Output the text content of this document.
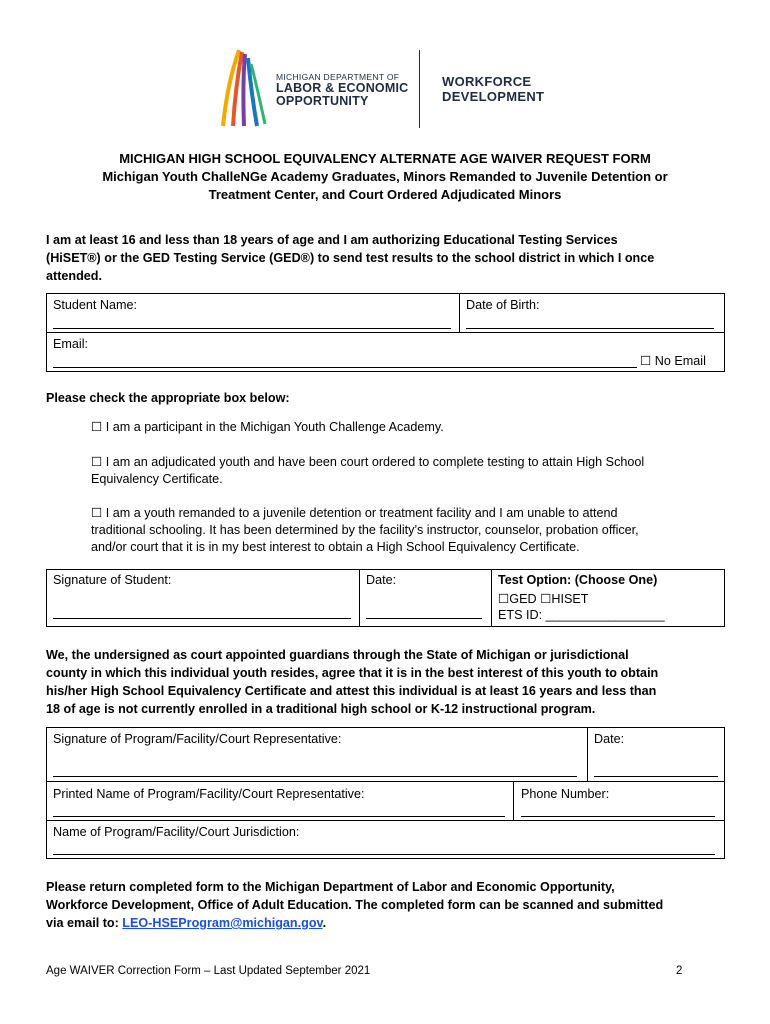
MICHIGAN DEPARTMENT OF
LABOR & ECONOMIC
OPPORTUNITY
WORKFORCE
DEVELOPMENT
MICHIGAN HIGH SCHOOL EQUIVALENCY ALTERNATE AGE WAIVER REQUEST FORM
Michigan Youth ChalleNGe Academy Graduates, Minors Remanded to Juvenile Detention or
Treatment Center, and Court Ordered Adjudicated Minors
I am at least 16 and less than 18 years of age and I am authorizing Educational Testing Services
(HiSET®) or the GED Testing Service (GED®) to send test results to the school district in which I once
attended.
Student Name:	Date of Birth:
Email:
☐ No Email
Please check the appropriate box below:
☐ I am a participant in the Michigan Youth Challenge Academy.
☐ I am an adjudicated youth and have been court ordered to complete testing to attain High School
Equivalency Certificate.
☐ I am a youth remanded to a juvenile detention or treatment facility and I am unable to attend
traditional schooling. It has been determined by the facility’s instructor, counselor, probation officer,
and/or court that it is in my best interest to obtain a High School Equivalency Certificate.
Signature of Student:	Date:	Test Option: (Choose One)
☐GED ☐HISET
ETS ID: _________________
We, the undersigned as court appointed guardians through the State of Michigan or jurisdictional
county in which this individual youth resides, agree that it is in the best interest of this youth to obtain
his/her High School Equivalency Certificate and attest this individual is at least 16 years and less than
18 of age is not currently enrolled in a traditional high school or K-12 instructional program.
Signature of Program/Facility/Court Representative:	Date:
Printed Name of Program/Facility/Court Representative:	Phone Number:
Name of Program/Facility/Court Jurisdiction:
Please return completed form to the Michigan Department of Labor and Economic Opportunity,
Workforce Development, Office of Adult Education. The completed form can be scanned and submitted
via email to: LEO-HSEProgram@michigan.gov.
Age WAIVER Correction Form – Last Updated September 2021	2
